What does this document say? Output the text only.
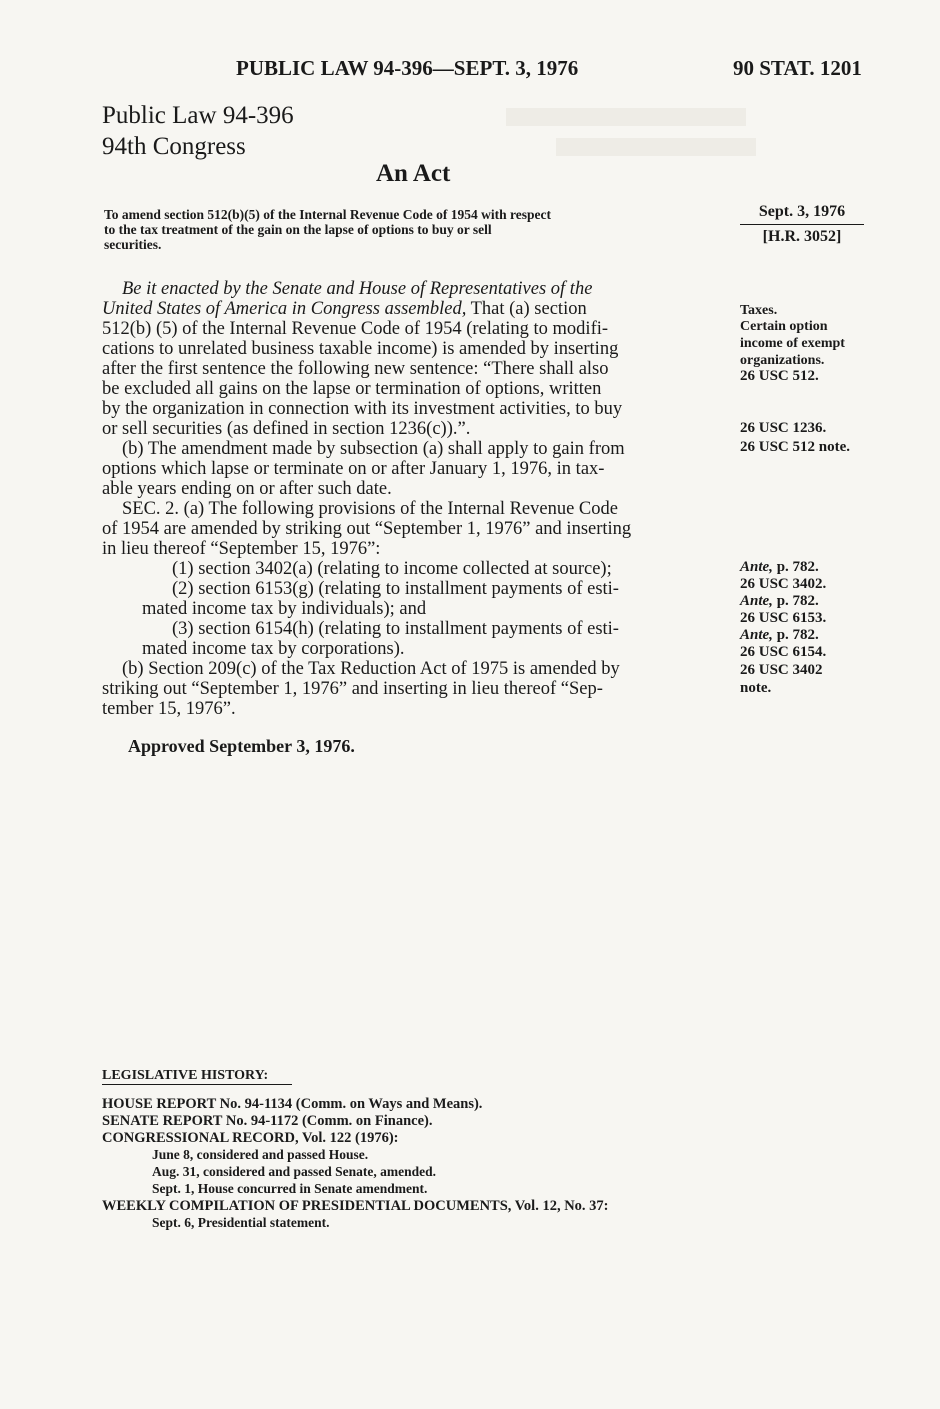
PUBLIC LAW 94-396—SEPT. 3, 1976	90 STAT. 1201
Public Law 94-396
94th Congress
An Act
To amend section 512(b)(5) of the Internal Revenue Code of 1954 with respect
to the tax treatment of the gain on the lapse of options to buy or sell
securities.
Sept. 3, 1976
[H.R. 3052]
Be it enacted by the Senate and House of Representatives of the
United States of America in Congress assembled, That (a) section
512(b) (5) of the Internal Revenue Code of 1954 (relating to modifi-
cations to unrelated business taxable income) is amended by inserting
after the first sentence the following new sentence: “There shall also
be excluded all gains on the lapse or termination of options, written
by the organization in connection with its investment activities, to buy
or sell securities (as defined in section 1236(c)).”.
(b) The amendment made by subsection (a) shall apply to gain from
options which lapse or terminate on or after January 1, 1976, in tax-
able years ending on or after such date.
SEC. 2. (a) The following provisions of the Internal Revenue Code
of 1954 are amended by striking out “September 1, 1976” and inserting
in lieu thereof “September 15, 1976”:
(1) section 3402(a) (relating to income collected at source);
(2) section 6153(g) (relating to installment payments of esti-
mated income tax by individuals); and
(3) section 6154(h) (relating to installment payments of esti-
mated income tax by corporations).
(b) Section 209(c) of the Tax Reduction Act of 1975 is amended by
striking out “September 1, 1976” and inserting in lieu thereof “Sep-
tember 15, 1976”.
Approved September 3, 1976.
Taxes.
Certain option
income of exempt
organizations.
26 USC 512.
26 USC 1236.
26 USC 512 note.
Ante, p. 782.
26 USC 3402.
Ante, p. 782.
26 USC 6153.
Ante, p. 782.
26 USC 6154.
26 USC 3402
note.
LEGISLATIVE HISTORY:
HOUSE REPORT No. 94-1134 (Comm. on Ways and Means).
SENATE REPORT No. 94-1172 (Comm. on Finance).
CONGRESSIONAL RECORD, Vol. 122 (1976):
June 8, considered and passed House.
Aug. 31, considered and passed Senate, amended.
Sept. 1, House concurred in Senate amendment.
WEEKLY COMPILATION OF PRESIDENTIAL DOCUMENTS, Vol. 12, No. 37:
Sept. 6, Presidential statement.
